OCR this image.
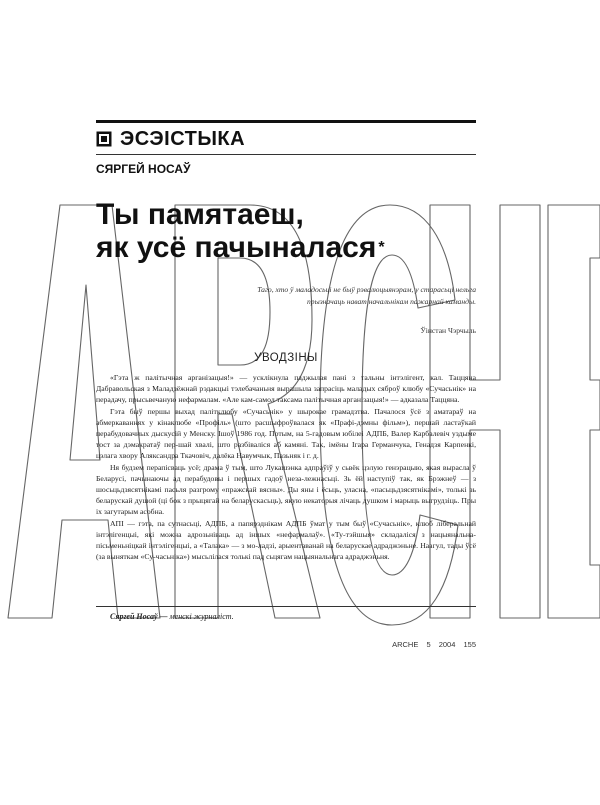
ЭСЭІСТЫКА
СЯРГЕЙ НОСАЎ
Ты памятаеш,
як усё пачыналася *
Таго, хто ў маладосьці не быў рэвалюцыянэрам, у старасьці нельга прызначаць нават начальнікам пажарнай каманды.
Ўінстан Чэрчыль
УВОДЗІНЫ

«Гэта ж палітычная арганізацыя!» — усклікнула паджылая пані з тальны інтэлігент, кал. Таццяна Дабравольская з Маладзёжнай рэдакцыі тэлебачаньня вырашыла запрасіць маладых сяброў клюбу «Сучасьнік» на перадачу, прысьвечаную нефармалам. «Але кам-самол таксама палітычная арганізацыя!» — адказала Таццяна.

Гэта быў першы выхад палітклюбу «Сучасьнік» у шырокае грамадзтва. Пачалося ўсё з аматараў на абмеркаваннях у кінаклюбе «Профіль» (што расшыфроўвалася як «Прафі-дэмны фільм»), першай ластаўкай перабудовачных дыскусій у Менску. Ішоў 1986 год. Потым, на 5-гадовым юбілеі АДПБ, Валер Карбалевіч уздыме тост за дэмакратаў пер-шай хвалі, што разбіваліся аб камяні. Так, імёны Ігара Германчука, Генадзя Карпенкі, цэлага хвору Аляксандра Ткачовіч, далёка Навумчык, Пазьняк і г. д.

Ня будзем перапісваць усё; драма ў тым, што Лукашэнка адпраўіў у сьвёк цэлую генэрацыю, якая вырасла ў Беларусі, пачынаючы ад перабудовы і першых гадоў неза-лежнасьці. Зь ёй наступіў так, як Брэжнеў — з шосьцьдзясятнікамі пасьля разгрому «пражскай вясны». Ды яны і ёсьць, уласна, «пасьцьдзясятнікамі», толькі зь беларускай душой (ці бок з прыцягай на беларускасьць), якую некаторыя лічаць душком і марыць выгрудзіць. Пры іх загутарым асобна.

АПІ — гэта, па сутнасьці, АДПБ, а папярэднікам АДПБ ўмат у тым быў «Сучасьнік», клюб ліберальнай інтэлігенцыі, які можна адрозьніваць ад іншых «нефармалаў». «Ту-тэйшыя» складаліся з нацыянальна-пісьменьніцкай інтэлігенцыі, а «Талака» — з мо-ладзі, арыентаванай на беларускае адраджэньне. Наагул, тады ўсё (за выняткам «Су-часьніка») мысьлілася толькі пад сьцягам нацыянальнага адраджэньня.

Сяргей Носаў — менскі журналіст.
ARCHE 5 2004 155
